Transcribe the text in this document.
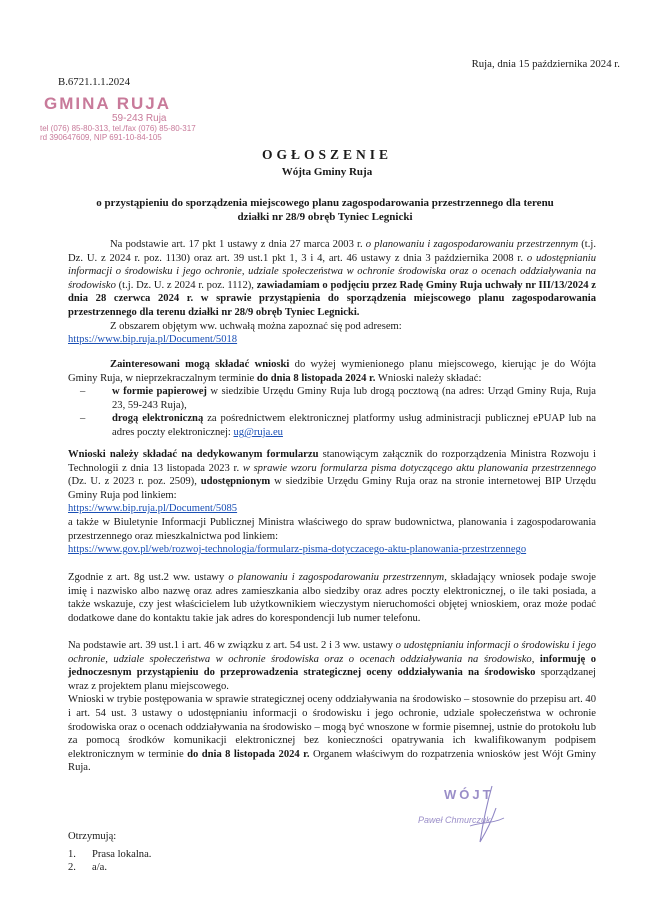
Ruja, dnia 15 października 2024 r.
B.6721.1.1.2024
GMINA RUJA
59-243 Ruja
tel (076) 85-80-313, tel./fax (076) 85-80-317
rd 390647609, NIP 691-10-84-105
OGŁOSZENIE
Wójta Gminy Ruja
o przystąpieniu do sporządzenia miejscowego planu zagospodarowania przestrzennego dla terenu działki nr 28/9 obręb Tyniec Legnicki

Na podstawie art. 17 pkt 1 ustawy z dnia 27 marca 2003 r. o planowaniu i zagospodarowaniu przestrzennym (t.j. Dz. U. z 2024 r. poz. 1130) oraz art. 39 ust.1 pkt 1, 3 i 4, art. 46 ustawy z dnia 3 października 2008 r. o udostępnianiu informacji o środowisku i jego ochronie, udziale społeczeństwa w ochronie środowiska oraz o ocenach oddziaływania na środowisko (t.j. Dz. U. z 2024 r. poz. 1112), zawiadamiam o podjęciu przez Radę Gminy Ruja uchwały nr III/13/2024 z dnia 28 czerwca 2024 r. w sprawie przystąpienia do sporządzenia miejscowego planu zagospodarowania przestrzennego dla terenu działki nr 28/9 obręb Tyniec Legnicki.

Z obszarem objętym ww. uchwałą można zapoznać się pod adresem:
https://www.bip.ruja.pl/Document/5018

Zainteresowani mogą składać wnioski do wyżej wymienionego planu miejscowego, kierując je do Wójta Gminy Ruja, w nieprzekraczalnym terminie do dnia 8 listopada 2024 r. Wnioski należy składać:

–	w formie papierowej w siedzibie Urzędu Gminy Ruja lub drogą pocztową (na adres: Urząd Gminy Ruja, Ruja 23, 59-243 Ruja),
–	drogą elektroniczną za pośrednictwem elektronicznej platformy usług administracji publicznej ePUAP lub na adres poczty elektronicznej: ug@ruja.eu

Wnioski należy składać na dedykowanym formularzu stanowiącym załącznik do rozporządzenia Ministra Rozwoju i Technologii z dnia 13 listopada 2023 r. w sprawie wzoru formularza pisma dotyczącego aktu planowania przestrzennego (Dz. U. z 2023 r. poz. 2509), udostępnionym w siedzibie Urzędu Gminy Ruja oraz na stronie internetowej BIP Urzędu Gminy Ruja pod linkiem:

https://www.bip.ruja.pl/Document/5085

a także w Biuletynie Informacji Publicznej Ministra właściwego do spraw budownictwa, planowania i zagospodarowania przestrzennego oraz mieszkalnictwa pod linkiem:

https://www.gov.pl/web/rozwoj-technologia/formularz-pisma-dotyczacego-aktu-planowania-przestrzennego

Zgodnie z art. 8g ust.2 ww. ustawy o planowaniu i zagospodarowaniu przestrzennym, składający wniosek podaje swoje imię i nazwisko albo nazwę oraz adres zamieszkania albo siedziby oraz adres poczty elektronicznej, o ile taki posiada, a także wskazuje, czy jest właścicielem lub użytkownikiem wieczystym nieruchomości objętej wnioskiem, oraz może podać dodatkowe dane do kontaktu takie jak adres do korespondencji lub numer telefonu.

Na podstawie art. 39 ust.1 i art. 46 w związku z art. 54 ust. 2 i 3 ww. ustawy o udostępnianiu informacji o środowisku i jego ochronie, udziale społeczeństwa w ochronie środowiska oraz o ocenach oddziaływania na środowisko, informuję o jednoczesnym przystąpieniu do przeprowadzenia strategicznej oceny oddziaływania na środowisko sporządzanej wraz z projektem planu miejscowego.

Wnioski w trybie postępowania w sprawie strategicznej oceny oddziaływania na środowisko – stosownie do przepisu art. 40 i art. 54 ust. 3 ustawy o udostępnianiu informacji o środowisku i jego ochronie, udziale społeczeństwa w ochronie środowiska oraz o ocenach oddziaływania na środowisko – mogą być wnoszone w formie pisemnej, ustnie do protokołu lub za pomocą środków komunikacji elektronicznej bez konieczności opatrywania ich kwalifikowanym podpisem elektronicznym w terminie do dnia 8 listopada 2024 r. Organem właściwym do rozpatrzenia wniosków jest Wójt Gminy Ruja.

WÓJT
Paweł Chmurczuk
Otrzymują:
1.	Prasa lokalna.
2.	a/a.
